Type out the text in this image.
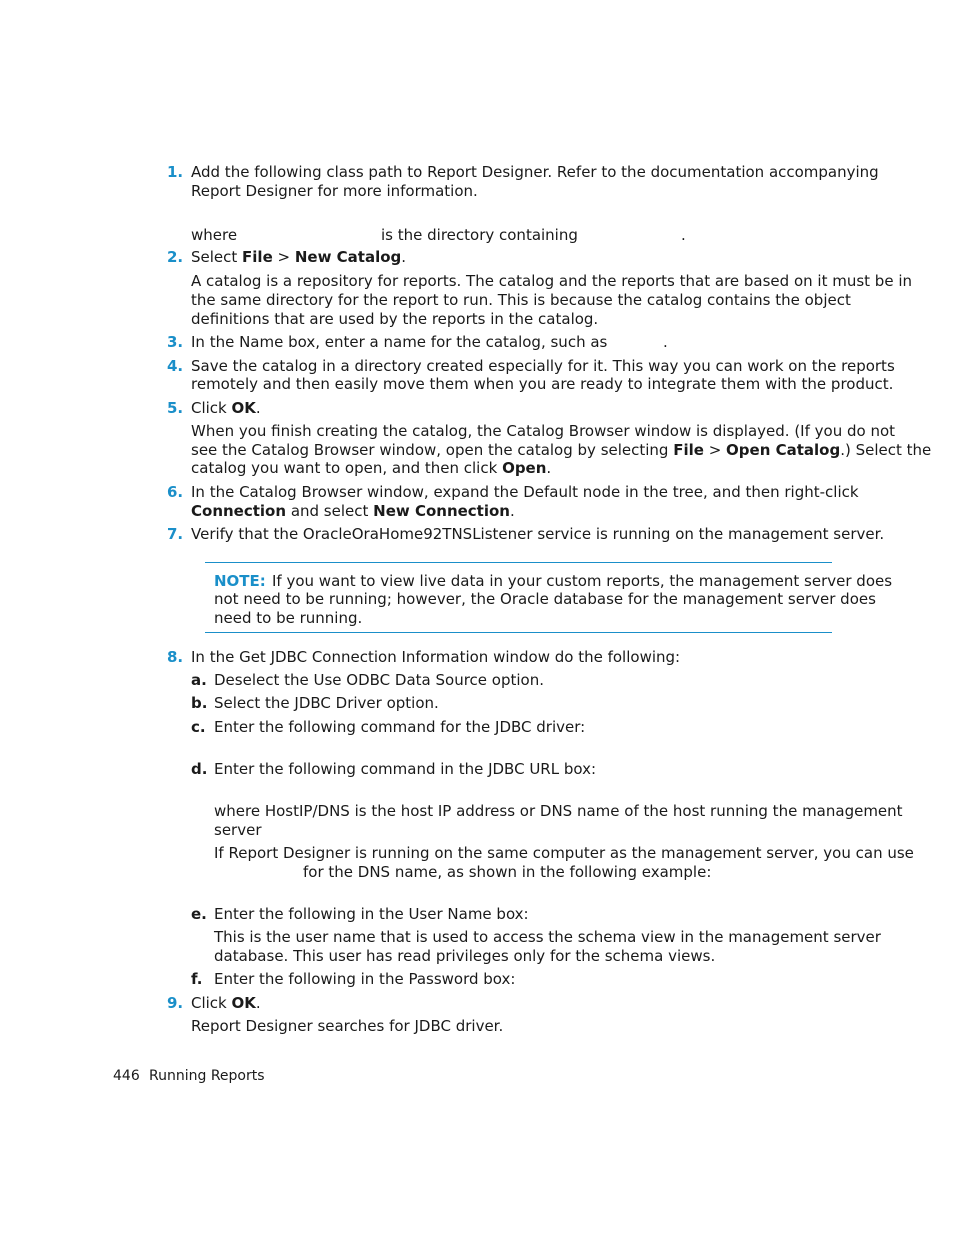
1. Add the following class path to Report Designer. Refer to the documentation accompanying
Report Designer for more information.
where	is the directory containing	.
2. Select File > New Catalog.
A catalog is a repository for reports. The catalog and the reports that are based on it must be in
the same directory for the report to run. This is because the catalog contains the object
definitions that are used by the reports in the catalog.
3. In the Name box, enter a name for the catalog, such as	.
4. Save the catalog in a directory created especially for it. This way you can work on the reports
remotely and then easily move them when you are ready to integrate them with the product.
5. Click OK.
When you finish creating the catalog, the Catalog Browser window is displayed. (If you do not
see the Catalog Browser window, open the catalog by selecting File > Open Catalog.) Select the
catalog you want to open, and then click Open.
6. In the Catalog Browser window, expand the Default node in the tree, and then right-click
Connection and select New Connection.
7. Verify that the OracleOraHome92TNSListener service is running on the management server.
NOTE: If you want to view live data in your custom reports, the management server does
not need to be running; however, the Oracle database for the management server does
need to be running.
8. In the Get JDBC Connection Information window do the following:
a. Deselect the Use ODBC Data Source option.
b. Select the JDBC Driver option.
c. Enter the following command for the JDBC driver:
d. Enter the following command in the JDBC URL box:
where HostIP/DNS is the host IP address or DNS name of the host running the management
server
If Report Designer is running on the same computer as the management server, you can use
for the DNS name, as shown in the following example:
e. Enter the following in the User Name box:
This is the user name that is used to access the schema view in the management server
database. This user has read privileges only for the schema views.
f. Enter the following in the Password box:
9. Click OK.
Report Designer searches for JDBC driver.
446 Running Reports
